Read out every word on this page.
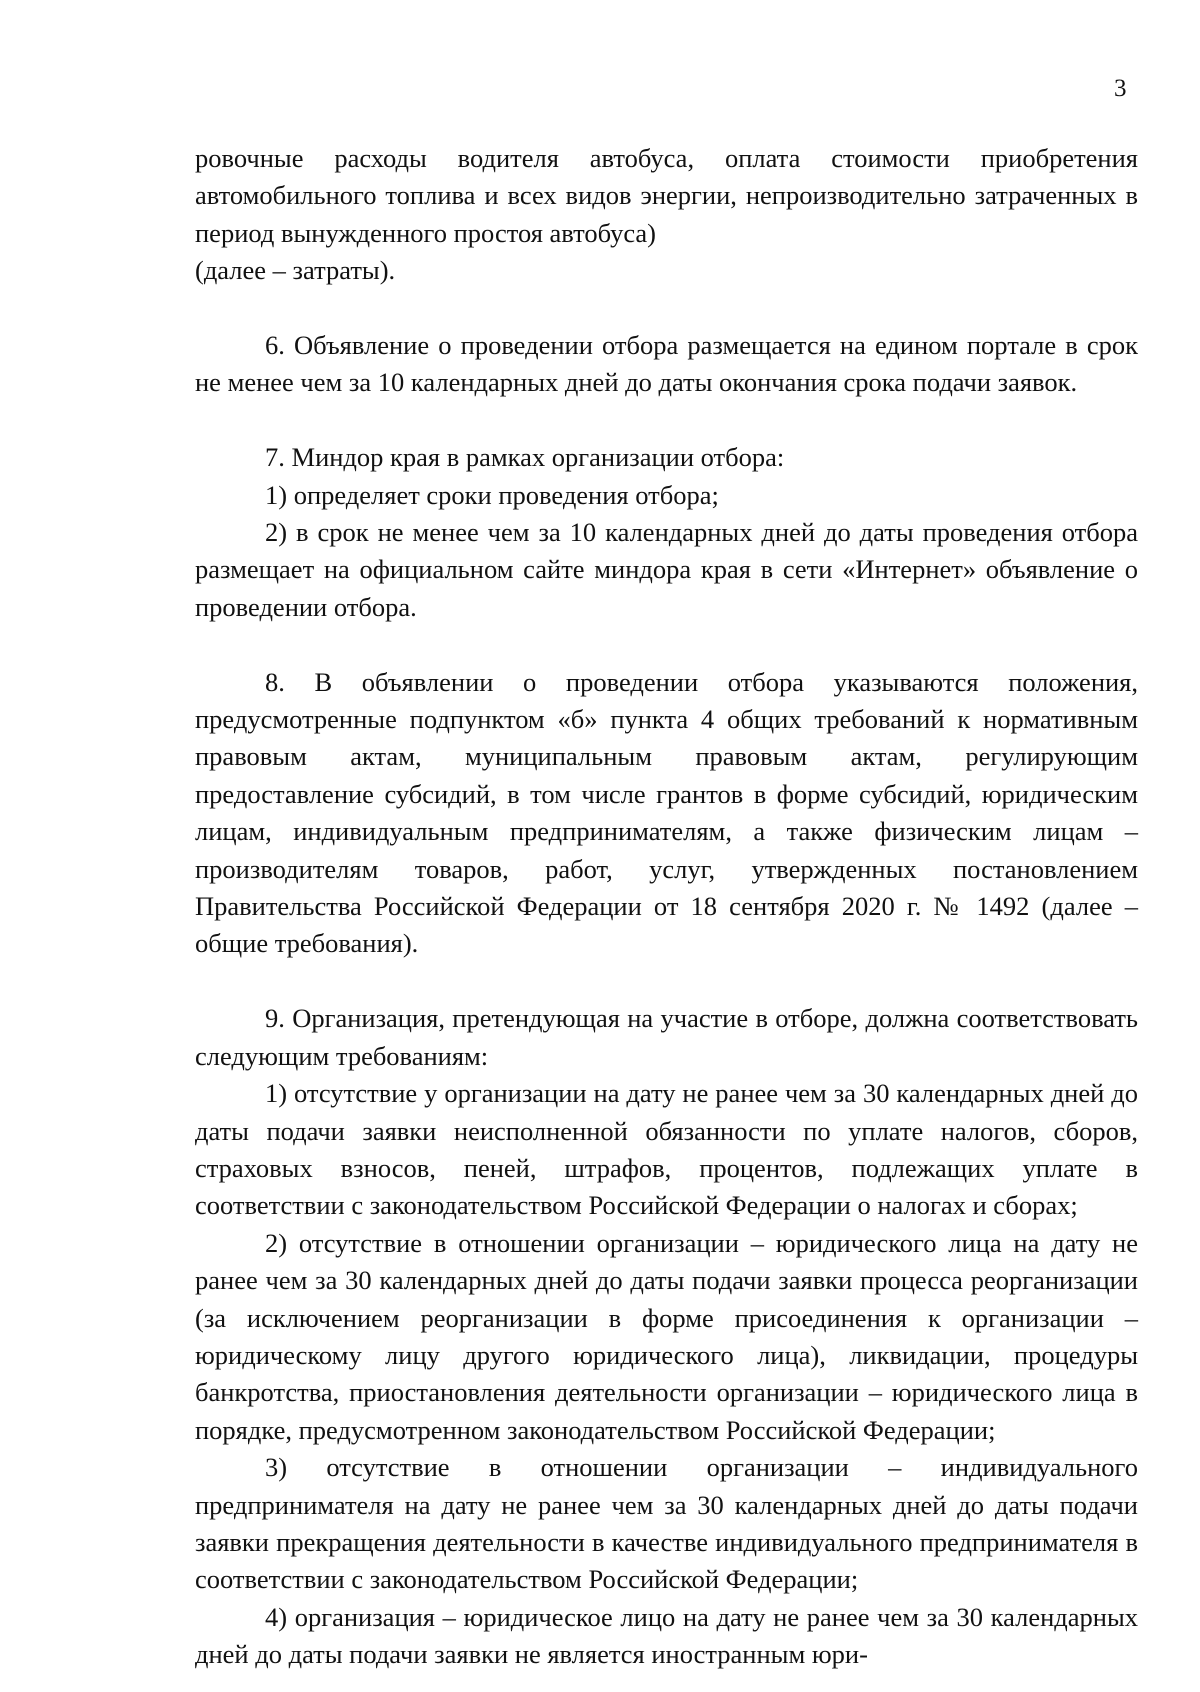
3

ровочные расходы водителя автобуса, оплата стоимости приобретения автомобильного топлива и всех видов энергии, непроизводительно затраченных в период вынужденного простоя автобуса)

(далее – затраты).

6. Объявление о проведении отбора размещается на едином портале в срок не менее чем за 10 календарных дней до даты окончания срока подачи заявок.

7. Миндор края в рамках организации отбора:

1) определяет сроки проведения отбора;

2) в срок не менее чем за 10 календарных дней до даты проведения отбора размещает на официальном сайте миндора края в сети «Интернет» объявление о проведении отбора.

8. В объявлении о проведении отбора указываются положения, предусмотренные подпунктом «б» пункта 4 общих требований к нормативным правовым актам, муниципальным правовым актам, регулирующим предоставление субсидий, в том числе грантов в форме субсидий, юридическим лицам, индивидуальным предпринимателям, а также физическим лицам – производителям товаров, работ, услуг, утвержденных постановлением Правительства Российской Федерации от 18 сентября 2020 г. № 1492 (далее – общие требования).

9. Организация, претендующая на участие в отборе, должна соответствовать следующим требованиям:

1) отсутствие у организации на дату не ранее чем за 30 календарных дней до даты подачи заявки неисполненной обязанности по уплате налогов, сборов, страховых взносов, пеней, штрафов, процентов, подлежащих уплате в соответствии с законодательством Российской Федерации о налогах и сборах;

2) отсутствие в отношении организации – юридического лица на дату не ранее чем за 30 календарных дней до даты подачи заявки процесса реорганизации (за исключением реорганизации в форме присоединения к организации – юридическому лицу другого юридического лица), ликвидации, процедуры банкротства, приостановления деятельности организации – юридического лица в порядке, предусмотренном законодательством Российской Федерации;

3) отсутствие в отношении организации – индивидуального предпринимателя на дату не ранее чем за 30 календарных дней до даты подачи заявки прекращения деятельности в качестве индивидуального предпринимателя в соответствии с законодательством Российской Федерации;

4) организация – юридическое лицо на дату не ранее чем за 30 календарных дней до даты подачи заявки не является иностранным юри-
